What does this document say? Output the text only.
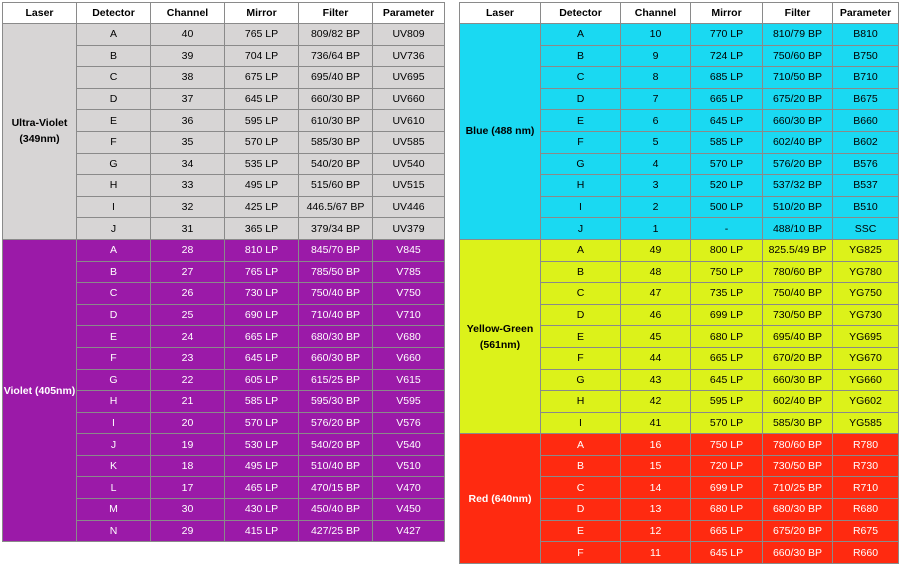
Laser	Detector	Channel	Mirror	Filter	Parameter
Ultra-Violet (349nm)	A	40	765 LP	809/82 BP	UV809
	B	39	704 LP	736/64 BP	UV736
	C	38	675 LP	695/40 BP	UV695
	D	37	645 LP	660/30 BP	UV660
	E	36	595 LP	610/30 BP	UV610
	F	35	570 LP	585/30 BP	UV585
	G	34	535 LP	540/20 BP	UV540
	H	33	495 LP	515/60 BP	UV515
	I	32	425 LP	446.5/67 BP	UV446
	J	31	365 LP	379/34 BP	UV379
Violet (405nm)	A	28	810 LP	845/70 BP	V845
	B	27	765 LP	785/50 BP	V785
	C	26	730 LP	750/40 BP	V750
	D	25	690 LP	710/40 BP	V710
	E	24	665 LP	680/30 BP	V680
	F	23	645 LP	660/30 BP	V660
	G	22	605 LP	615/25 BP	V615
	H	21	585 LP	595/30 BP	V595
	I	20	570 LP	576/20 BP	V576
	J	19	530 LP	540/20 BP	V540
	K	18	495 LP	510/40 BP	V510
	L	17	465 LP	470/15 BP	V470
	M	30	430 LP	450/40 BP	V450
	N	29	415 LP	427/25 BP	V427
Laser	Detector	Channel	Mirror	Filter	Parameter
Blue (488 nm)	A	10	770 LP	810/79 BP	B810
	B	9	724 LP	750/60 BP	B750
	C	8	685 LP	710/50 BP	B710
	D	7	665 LP	675/20 BP	B675
	E	6	645 LP	660/30 BP	B660
	F	5	585 LP	602/40 BP	B602
	G	4	570 LP	576/20 BP	B576
	H	3	520 LP	537/32 BP	B537
	I	2	500 LP	510/20 BP	B510
	J	1	-	488/10 BP	SSC
Yellow-Green (561nm)	A	49	800 LP	825.5/49 BP	YG825
	B	48	750 LP	780/60 BP	YG780
	C	47	735 LP	750/40 BP	YG750
	D	46	699 LP	730/50 BP	YG730
	E	45	680 LP	695/40 BP	YG695
	F	44	665 LP	670/20 BP	YG670
	G	43	645 LP	660/30 BP	YG660
	H	42	595 LP	602/40 BP	YG602
	I	41	570 LP	585/30 BP	YG585
Red (640nm)	A	16	750 LP	780/60 BP	R780
	B	15	720 LP	730/50 BP	R730
	C	14	699 LP	710/25 BP	R710
	D	13	680 LP	680/30 BP	R680
	E	12	665 LP	675/20 BP	R675
	F	11	645 LP	660/30 BP	R660
